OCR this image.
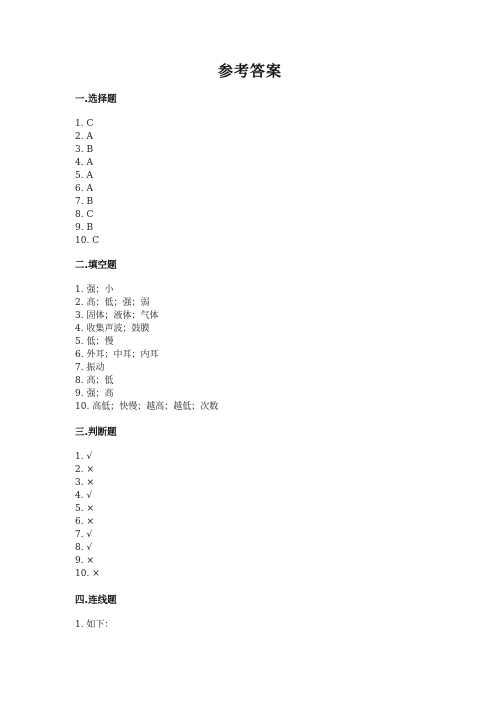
参考答案
一.选择题
1. C
2. A
3. B
4. A
5. A
6. A
7. B
8. C
9. B
10. C
二.填空题
1. 强；小
2. 高；低；强；弱
3. 固体；液体；气体
4. 收集声波；鼓膜
5. 低；慢
6. 外耳；中耳；内耳
7. 振动
8. 高；低
9. 强；高
10. 高低；快慢；越高；越低；次数
三.判断题
1. √
2. ×
3. ×
4. √
5. ×
6. ×
7. √
8. √
9. ×
10. ×
四.连线题
1. 如下：
